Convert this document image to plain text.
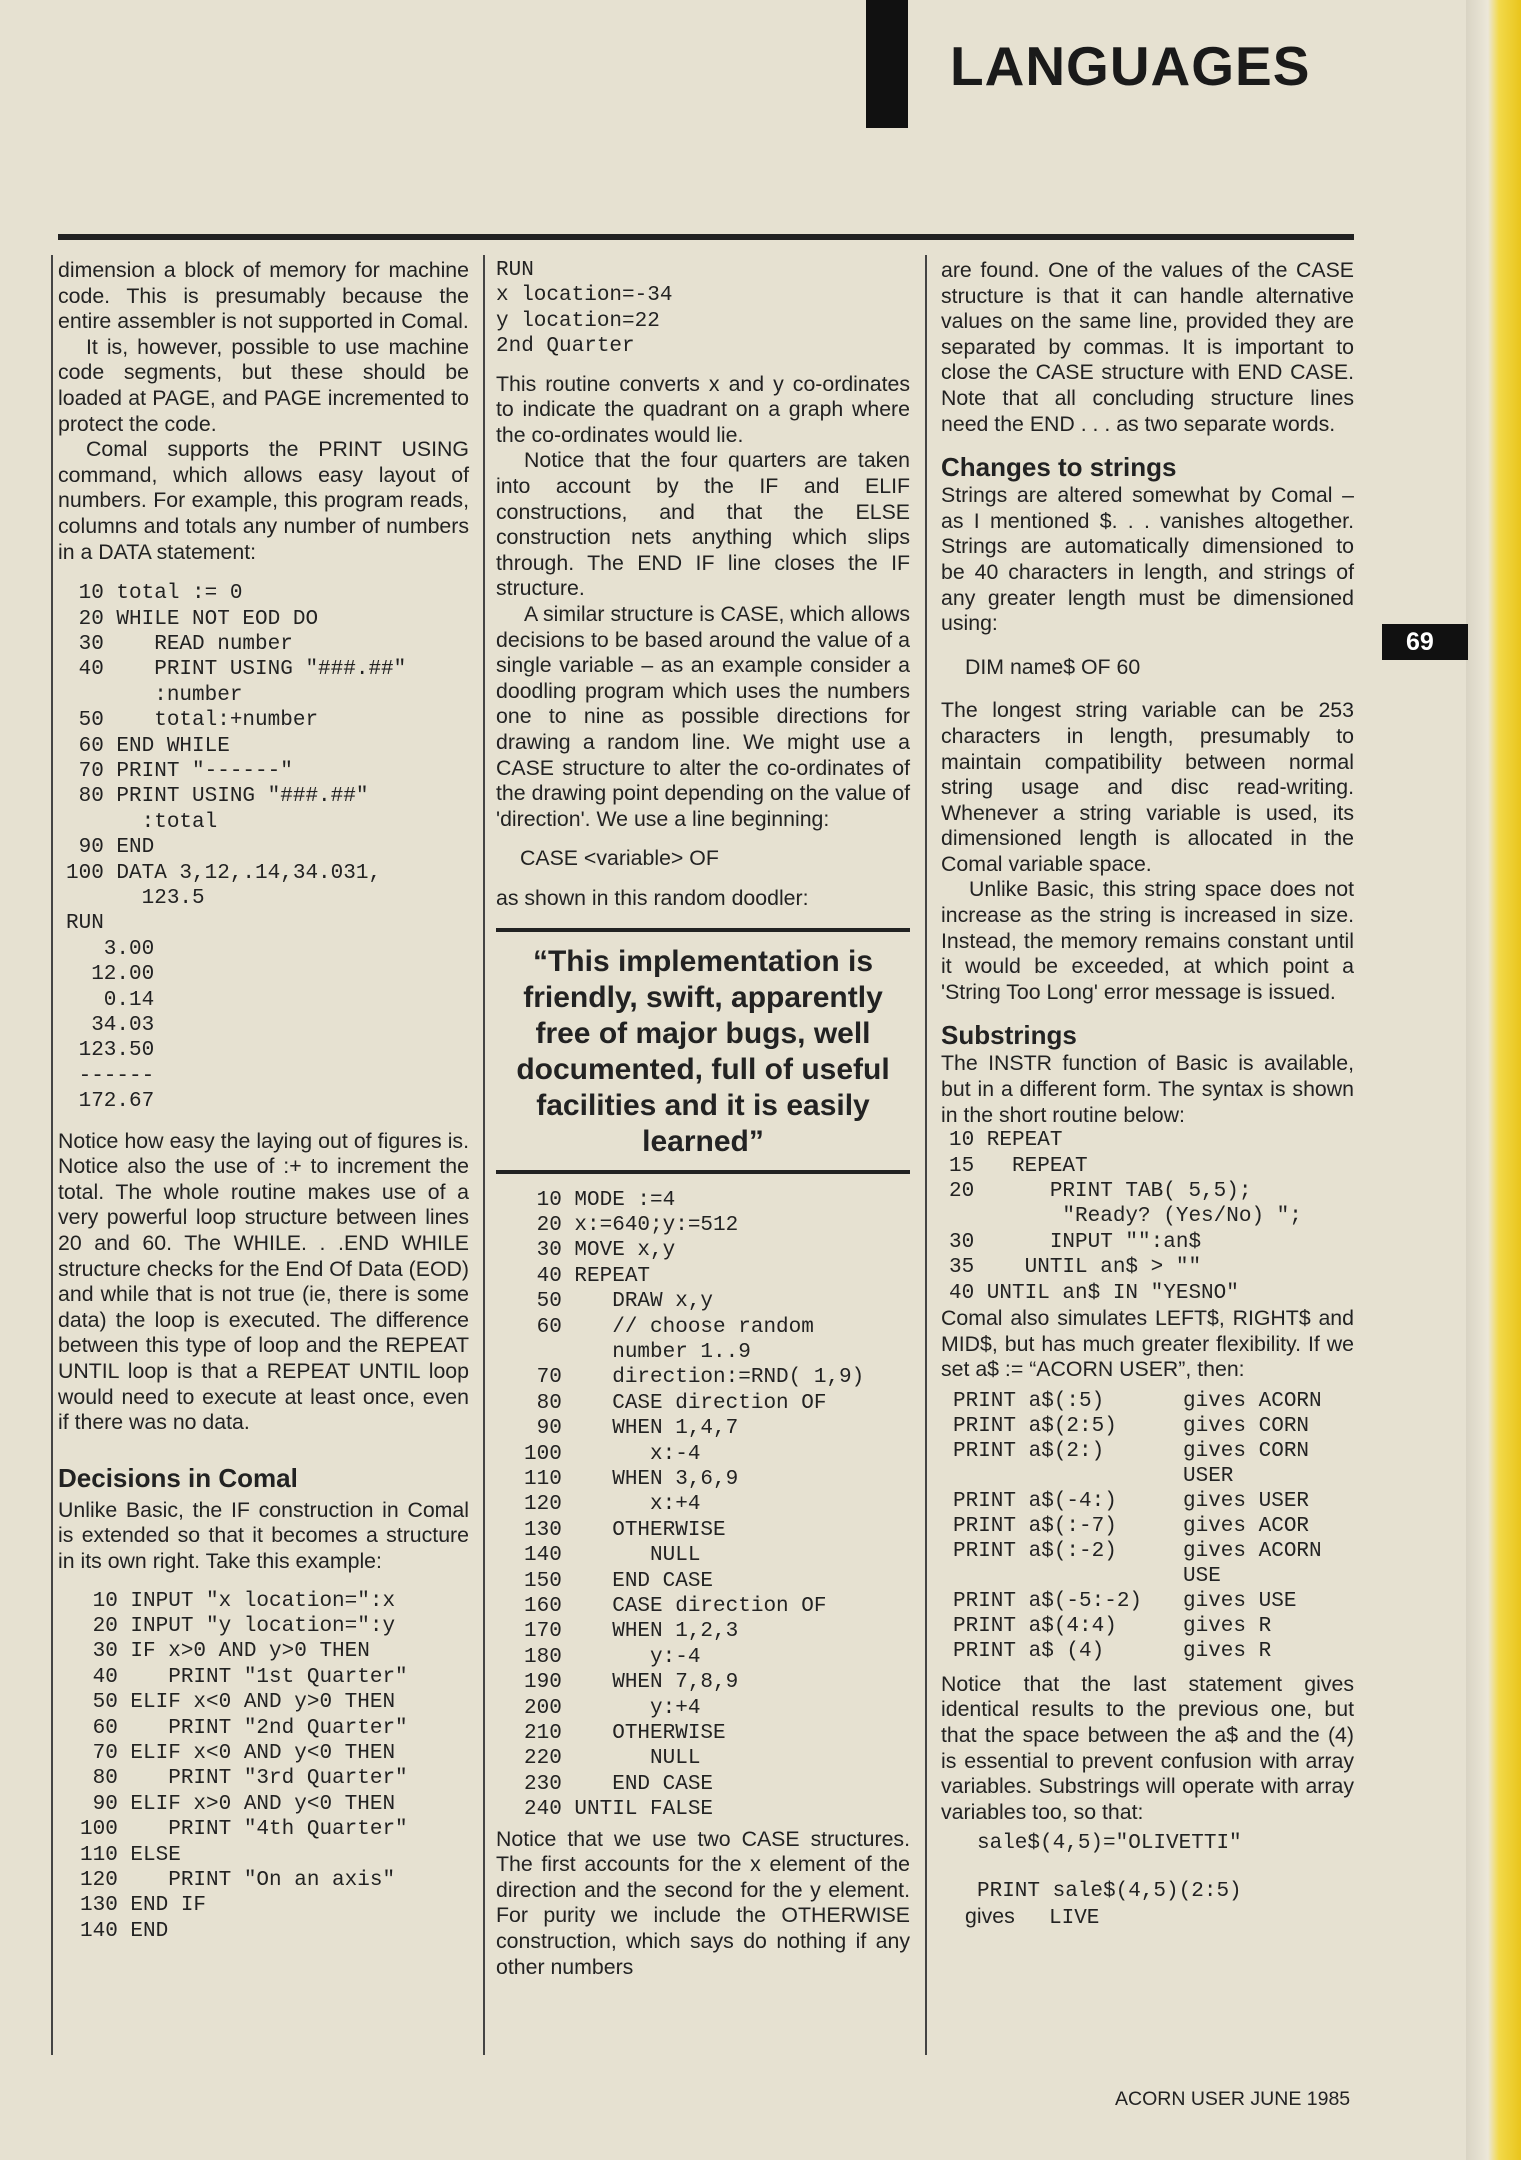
LANGUAGES
69

dimension a block of memory for machine code. This is presumably because the entire assembler is not supported in Comal.

It is, however, possible to use machine code segments, but these should be loaded at PAGE, and PAGE incremented to protect the code.

Comal supports the PRINT USING command, which allows easy layout of numbers. For example, this program reads, columns and totals any number of numbers in a DATA statement:

10 total := 0
20 WHILE NOT EOD DO
30    READ number
40    PRINT USING "###.##"
:number
50    total:+number
60 END WHILE
70 PRINT "------"
80 PRINT USING "###.##"
:total
90 END
100 DATA 3,12,.14,34.031,
123.5
RUN
3.00
12.00
0.14
34.03
123.50
------
172.67

Notice how easy the laying out of figures is. Notice also the use of :+ to increment the total. The whole routine makes use of a very powerful loop structure between lines 20 and 60. The WHILE. . .END WHILE structure checks for the End Of Data (EOD) and while that is not true (ie, there is some data) the loop is executed. The difference between this type of loop and the REPEAT UNTIL loop is that a REPEAT UNTIL loop would need to execute at least once, even if there was no data.

Decisions in Comal

Unlike Basic, the IF construction in Comal is extended so that it becomes a structure in its own right. Take this example:

10 INPUT "x location=":x
20 INPUT "y location=":y
30 IF x>0 AND y>0 THEN
40    PRINT "1st Quarter"
50 ELIF x<0 AND y>0 THEN
60    PRINT "2nd Quarter"
70 ELIF x<0 AND y<0 THEN
80    PRINT "3rd Quarter"
90 ELIF x>0 AND y<0 THEN
100    PRINT "4th Quarter"
110 ELSE
120    PRINT "On an axis"
130 END IF
140 END
RUN
x location=-34
y location=22
2nd Quarter

This routine converts x and y co-ordinates to indicate the quadrant on a graph where the co-ordinates would lie.

Notice that the four quarters are taken into account by the IF and ELIF constructions, and that the ELSE construction nets anything which slips through. The END IF line closes the IF structure.

A similar structure is CASE, which allows decisions to be based around the value of a single variable – as an example consider a doodling program which uses the numbers one to nine as possible directions for drawing a random line. We might use a CASE structure to alter the co-ordinates of the drawing point depending on the value of 'direction'. We use a line beginning:

CASE <variable> OF

as shown in this random doodler:

“This implementation is friendly, swift, apparently free of major bugs, well documented, full of useful facilities and it is easily learned”

10 MODE :=4
20 x:=640;y:=512
30 MOVE x,y
40 REPEAT
50    DRAW x,y
60    // choose random
number 1..9
70    direction:=RND( 1,9)
80    CASE direction OF
90    WHEN 1,4,7
100       x:-4
110    WHEN 3,6,9
120       x:+4
130    OTHERWISE
140       NULL
150    END CASE
160    CASE direction OF
170    WHEN 1,2,3
180       y:-4
190    WHEN 7,8,9
200       y:+4
210    OTHERWISE
220       NULL
230    END CASE
240 UNTIL FALSE

Notice that we use two CASE structures. The first accounts for the x element of the direction and the second for the y element. For purity we include the OTHERWISE construction, which says do nothing if any other numbers

are found. One of the values of the CASE structure is that it can handle alternative values on the same line, provided they are separated by commas. It is important to close the CASE structure with END CASE. Note that all concluding structure lines need the END . . . as two separate words.

Changes to strings

Strings are altered somewhat by Comal – as I mentioned $. . . vanishes altogether. Strings are automatically dimensioned to be 40 characters in length, and strings of any greater length must be dimensioned using:

DIM name$ OF 60

The longest string variable can be 253 characters in length, presumably to maintain compatibility between normal string usage and disc read-writing. Whenever a string variable is used, its dimensioned length is allocated in the Comal variable space.

Unlike Basic, this string space does not increase as the string is increased in size. Instead, the memory remains constant until it would be exceeded, at which point a 'String Too Long' error message is issued.

Substrings

The INSTR function of Basic is available, but in a different form. The syntax is shown in the short routine below:

10 REPEAT
15   REPEAT
20      PRINT TAB( 5,5);
"Ready? (Yes/No) ";
30      INPUT "":an$
35    UNTIL an$ > ""
40 UNTIL an$ IN "YESNO"

Comal also simulates LEFT$, RIGHT$ and MID$, but has much greater flexibility. If we set a$ := “ACORN USER”, then:

PRINT a$(:5)	gives ACORN
PRINT a$(2:5)	gives CORN
PRINT a$(2:)	gives CORN USER
PRINT a$(-4:)	gives USER
PRINT a$(:-7)	gives ACOR
PRINT a$(:-2)	gives ACORN USE
PRINT a$(-5:-2)	gives USE
PRINT a$(4:4)	gives R
PRINT a$ (4)	gives R

Notice that the last statement gives identical results to the previous one, but that the space between the a$ and the (4) is essential to prevent confusion with array variables. Substrings will operate with array variables too, so that:

sale$(4,5)="OLIVETTI"
PRINT sale$(4,5)(2:5)
gives	LIVE
ACORN USER JUNE 1985
